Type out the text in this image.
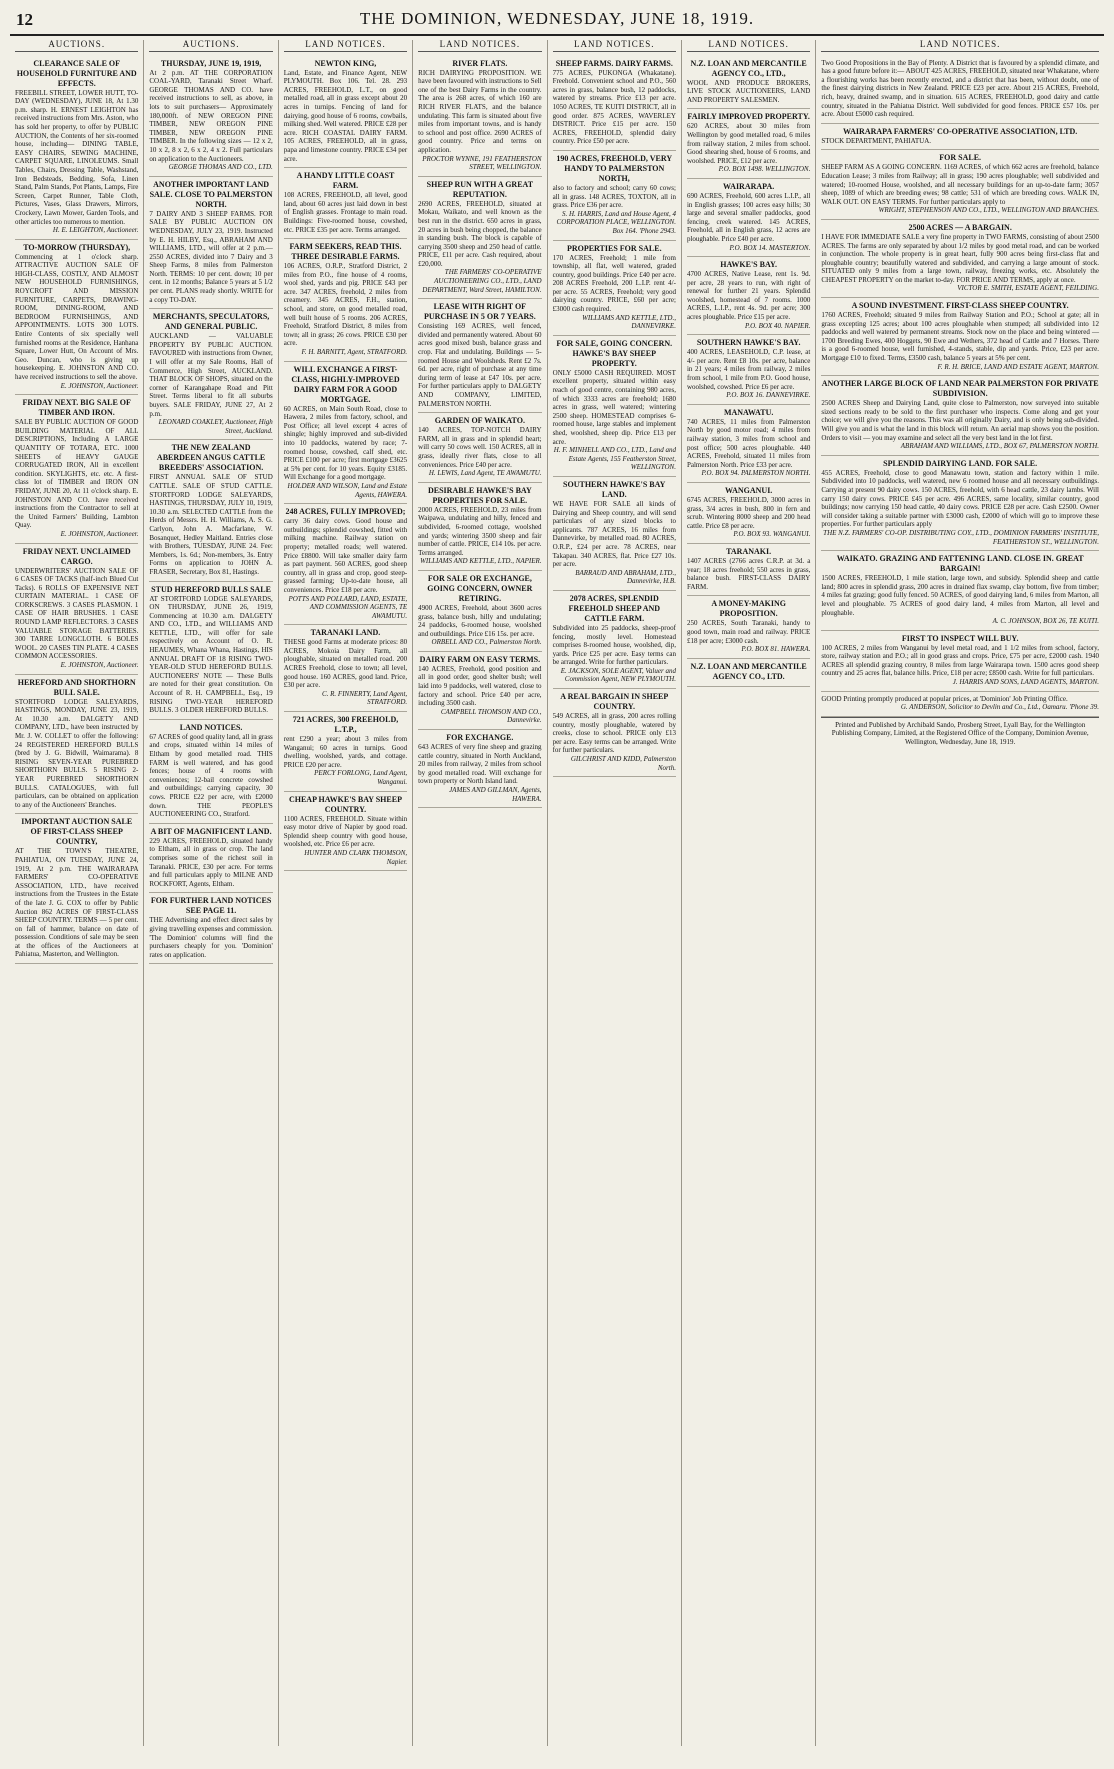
12	THE DOMINION, WEDNESDAY, JUNE 18, 1919.
AUCTIONS.
CLEARANCE SALE OF HOUSEHOLD FURNITURE AND EFFECTS.
FREEBILL STREET, LOWER HUTT, TO-DAY (WEDNESDAY), JUNE 18, At 1.30 p.m. sharp. H. ERNEST LEIGHTON has received instructions from Mrs. Aston, who has sold her property, to offer by PUBLIC AUCTION, the Contents of her six-roomed house, including— DINING TABLE, EASY CHAIRS, SEWING MACHINE, CARPET SQUARE, LINOLEUMS. Small Tables, Chairs, Dressing Table, Washstand, Iron Bedsteads, Bedding, Sofa, Linen Stand, Palm Stands, Pot Plants, Lamps, Fire Screen, Carpet Runner, Table Cloth, Pictures, Vases, Glass Drawers, Mirrors, Crockery, Lawn Mower, Garden Tools, and other articles too numerous to mention.
H. E. LEIGHTON, Auctioneer.
TO-MORROW (THURSDAY),
Commencing at 1 o'clock sharp. ATTRACTIVE AUCTION SALE OF HIGH-CLASS, COSTLY, AND ALMOST NEW HOUSEHOLD FURNISHINGS, ROYCROFT AND MISSION FURNITURE, CARPETS, DRAWING-ROOM, DINING-ROOM, AND BEDROOM FURNISHINGS, AND APPOINTMENTS. LOTS 300 LOTS. Entire Contents of six specially well furnished rooms at the Residence, Hanhana Square, Lower Hutt, On Account of Mrs. Geo. Duncan, who is giving up housekeeping. E. JOHNSTON AND CO. have received instructions to sell the above.
E. JOHNSTON, Auctioneer.
FRIDAY NEXT. BIG SALE OF TIMBER AND IRON.
SALE BY PUBLIC AUCTION OF GOOD BUILDING MATERIAL OF ALL DESCRIPTIONS, Including A LARGE QUANTITY OF TOTARA, ETC. 1000 SHEETS of HEAVY GAUGE CORRUGATED IRON, All in excellent condition. SKYLIGHTS, etc. etc. A first-class lot of TIMBER and IRON ON FRIDAY, JUNE 20, At 11 o'clock sharp. E. JOHNSTON AND CO. have received instructions from the Contractor to sell at the United Farmers' Building, Lambton Quay.
E. JOHNSTON, Auctioneer.
FRIDAY NEXT. UNCLAIMED CARGO.
UNDERWRITERS' AUCTION SALE OF 6 CASES OF TACKS (half-inch Blued Cut Tacks). 6 ROLLS OF EXPENSIVE NET CURTAIN MATERIAL. 1 CASE OF CORKSCREWS. 3 CASES PLASMON. 1 CASE OF HAIR BRUSHES. 1 CASE ROUND LAMP REFLECTORS. 3 CASES VALUABLE STORAGE BATTERIES. 300 TARRE LONGCLOTH. 6 BOLES WOOL. 20 CASES TIN PLATE. 4 CASES COMMON ACCESSORIES.
E. JOHNSTON, Auctioneer.
HEREFORD AND SHORTHORN BULL SALE.
STORTFORD LODGE SALEYARDS, HASTINGS, MONDAY, JUNE 23, 1919, At 10.30 a.m. DALGETY AND COMPANY, LTD., have been instructed by Mr. J. W. COLLET to offer the following: 24 REGISTERED HEREFORD BULLS (bred by J. G. Bidwill, Waimarama). 8 RISING SEVEN-YEAR PUREBRED SHORTHORN BULLS. 5 RISING 2-YEAR PUREBRED SHORTHORN BULLS. CATALOGUES, with full particulars, can be obtained on application to any of the Auctioneers' Branches.
IMPORTANT AUCTION SALE OF FIRST-CLASS SHEEP COUNTRY,
AT THE TOWN'S THEATRE, PAHIATUA, ON TUESDAY, JUNE 24, 1919, At 2 p.m. THE WAIRARAPA FARMERS' CO-OPERATIVE ASSOCIATION, LTD., have received instructions from the Trustees in the Estate of the late J. G. COX to offer by Public Auction 862 ACRES OF FIRST-CLASS SHEEP COUNTRY. TERMS — 5 per cent. on fall of hammer, balance on date of possession. Conditions of sale may be seen at the offices of the Auctioneers at Pahiatua, Masterton, and Wellington.
AUCTIONS.
THURSDAY, JUNE 19, 1919,
At 2 p.m. AT THE CORPORATION COAL-YARD, Taranaki Street Wharf. GEORGE THOMAS AND CO. have received instructions to sell, as above, in lots to suit purchasers— Approximately 180,000ft. of NEW OREGON PINE TIMBER, NEW OREGON PINE TIMBER, NEW OREGON PINE TIMBER. In the following sizes — 12 x 2, 10 x 2, 8 x 2, 6 x 2, 4 x 2. Full particulars on application to the Auctioneers.
GEORGE THOMAS AND CO., LTD.
ANOTHER IMPORTANT LAND SALE. CLOSE TO PALMERSTON NORTH.
7 DAIRY AND 3 SHEEP FARMS. FOR SALE BY PUBLIC AUCTION ON WEDNESDAY, JULY 23, 1919. Instructed by E. H. HILBY, Esq., ABRAHAM AND WILLIAMS, LTD., will offer at 2 p.m.— 2550 ACRES, divided into 7 Dairy and 3 Sheep Farms, 8 miles from Palmerston North. TERMS: 10 per cent. down; 10 per cent. in 12 months; Balance 5 years at 5 1/2 per cent. PLANS ready shortly. WRITE for a copy TO-DAY.
MERCHANTS, SPECULATORS, AND GENERAL PUBLIC.
AUCKLAND — VALUABLE PROPERTY BY PUBLIC AUCTION. FAVOURED with instructions from Owner, I will offer at my Sale Rooms, Hall of Commerce, High Street, AUCKLAND. THAT BLOCK OF SHOPS, situated on the corner of Karangahape Road and Pitt Street. Terms liberal to fit all suburbs buyers. SALE FRIDAY, JUNE 27, At 2 p.m.
LEONARD COAKLEY, Auctioneer, High Street, Auckland.
THE NEW ZEALAND ABERDEEN ANGUS CATTLE BREEDERS' ASSOCIATION.
FIRST ANNUAL SALE OF STUD CATTLE. SALE OF STUD CATTLE. STORTFORD LODGE SALEYARDS, HASTINGS, THURSDAY, JULY 10, 1919, 10.30 a.m. SELECTED CATTLE from the Herds of Messrs. H. H. Williams, A. S. G. Carlyon, John A. Macfarlane, W. Bosanquet, Hedley Maitland. Entries close with Brothers, TUESDAY, JUNE 24. Fee: Members, 1s. 6d.; Non-members, 3s. Entry Forms on application to JOHN A. FRASER, Secretary, Box 81, Hastings.
STUD HEREFORD BULLS SALE
AT STORTFORD LODGE SALEYARDS, ON THURSDAY, JUNE 26, 1919, Commencing at 10.30 a.m. DALGETY AND CO., LTD., and WILLIAMS AND KETTLE, LTD., will offer for sale respectively on Account of O. R. HEAUMES, Whana Whana, Hastings, HIS ANNUAL DRAFT OF 18 RISING TWO-YEAR-OLD STUD HEREFORD BULLS. AUCTIONEERS' NOTE — These Bulls are noted for their great constitution. On Account of R. H. CAMPBELL, Esq., 19 RISING TWO-YEAR HEREFORD BULLS. 3 OLDER HEREFORD BULLS.
LAND NOTICES.
67 ACRES of good quality land, all in grass and crops, situated within 14 miles of Eltham by good metalled road. THIS FARM is well watered, and has good fences; house of 4 rooms with conveniences; 12-bail concrete cowshed and outbuildings; carrying capacity, 30 cows. PRICE £22 per acre, with £2000 down. THE PEOPLE'S AUCTIONEERING CO., Stratford.
A BIT OF MAGNIFICENT LAND.
229 ACRES, FREEHOLD, situated handy to Eltham, all in grass or crop. The land comprises some of the richest soil in Taranaki. PRICE, £30 per acre. For terms and full particulars apply to MILNE AND ROCKFORT, Agents, Eltham.
FOR FURTHER LAND NOTICES SEE PAGE 11.
THE Advertising and effect direct sales by giving travelling expenses and commission. 'The Dominion' columns will find the purchasers cheaply for you. 'Dominion' rates on application.
LAND NOTICES.
NEWTON KING,
Land, Estate, and Finance Agent, NEW PLYMOUTH. Box 106. Tel. 28. 293 ACRES, FREEHOLD, L.T., on good metalled road, all in grass except about 20 acres in turnips. Fencing of land for dairying, good house of 6 rooms, cowbails, milking shed. Well watered. PRICE £28 per acre. RICH COASTAL DAIRY FARM. 105 ACRES, FREEHOLD, all in grass, papa and limestone country. PRICE £34 per acre.
A HANDY LITTLE COAST FARM.
108 ACRES, FREEHOLD, all level, good land, about 60 acres just laid down in best of English grasses. Frontage to main road. Buildings: Five-roomed house, cowshed, etc. PRICE £35 per acre. Terms arranged.
FARM SEEKERS, READ THIS. THREE DESIRABLE FARMS.
106 ACRES, O.R.P., Stratford District, 2 miles from P.O., fine house of 4 rooms, wool shed, yards and pig. PRICE £43 per acre. 347 ACRES, freehold, 2 miles from creamery. 345 ACRES, F.H., station, school, and store, on good metalled road, well built house of 5 rooms. 206 ACRES, Freehold, Stratford District, 8 miles from town; all in grass; 26 cows. PRICE £30 per acre.
F. H. BARNITT, Agent, STRATFORD.
WILL EXCHANGE A FIRST-CLASS, HIGHLY-IMPROVED DAIRY FARM FOR A GOOD MORTGAGE.
60 ACRES, on Main South Road, close to Hawera, 2 miles from factory, school, and Post Office; all level except 4 acres of shingle; highly improved and sub-divided into 10 paddocks, watered by race; 7-roomed house, cowshed, calf shed, etc. PRICE £100 per acre; first mortgage £3625 at 5% per cent. for 10 years. Equity £3185. Will Exchange for a good mortgage.
HOLDER AND WILSON, Land and Estate Agents, HAWERA.
248 ACRES, FULLY IMPROVED;
carry 36 dairy cows. Good house and outbuildings; splendid cowshed, fitted with milking machine. Railway station on property; metalled roads; well watered. Price £8800. Will take smaller dairy farm as part payment. 560 ACRES, good sheep country, all in grass and crop, good steep-grassed farming; Up-to-date house, all conveniences. Price £18 per acre.
POTTS AND POLLARD, LAND, ESTATE, AND COMMISSION AGENTS, TE AWAMUTU.
TARANAKI LAND.
THESE good Farms at moderate prices: 80 ACRES, Mokoia Dairy Farm, all ploughable, situated on metalled road. 200 ACRES Freehold, close to town; all level, good house. 160 ACRES, good land. Price, £30 per acre.
C. R. FINNERTY, Land Agent, STRATFORD.
721 ACRES, 300 FREEHOLD, L.T.P.,
rent £290 a year; about 3 miles from Wanganui; 60 acres in turnips. Good dwelling, woolshed, yards, and cottage. PRICE £20 per acre.
PERCY FORLONG, Land Agent, Wanganui.
CHEAP HAWKE'S BAY SHEEP COUNTRY.
1100 ACRES, FREEHOLD. Situate within easy motor drive of Napier by good road. Splendid sheep country with good house, woolshed, etc. Price £6 per acre.
HUNTER AND CLARK THOMSON, Napier.
LAND NOTICES.
RIVER FLATS.
RICH DAIRYING PROPOSITION. WE have been favoured with instructions to Sell one of the best Dairy Farms in the country. The area is 268 acres, of which 160 are RICH RIVER FLATS, and the balance undulating. This farm is situated about five miles from important towns, and is handy to school and post office. 2690 ACRES of good country. Price and terms on application.
PROCTOR WYNNE, 191 FEATHERSTON STREET, WELLINGTON.
SHEEP RUN WITH A GREAT REPUTATION.
2690 ACRES, FREEHOLD, situated at Mokau, Waikato, and well known as the best run in the district. 650 acres in grass, 20 acres in bush being chopped, the balance in standing bush. The block is capable of carrying 3500 sheep and 250 head of cattle. PRICE, £11 per acre. Cash required, about £20,000.
THE FARMERS' CO-OPERATIVE AUCTIONEERING CO., LTD., LAND DEPARTMENT, Ward Street, HAMILTON.
LEASE WITH RIGHT OF PURCHASE IN 5 OR 7 YEARS.
Consisting 169 ACRES, well fenced, divided and permanently watered. About 60 acres good mixed bush, balance grass and crop. Flat and undulating. Buildings — 5-roomed House and Woolsheds. Rent £2 7s. 6d. per acre, right of purchase at any time during term of lease at £47 10s. per acre. For further particulars apply to DALGETY AND COMPANY, LIMITED, PALMERSTON NORTH.
GARDEN OF WAIKATO.
140 ACRES, TOP-NOTCH DAIRY FARM, all in grass and in splendid heart; will carry 50 cows well. 150 ACRES, all in grass, ideally river flats, close to all conveniences. Price £40 per acre.
H. LEWIS, Land Agent, TE AWAMUTU.
DESIRABLE HAWKE'S BAY PROPERTIES FOR SALE.
2000 ACRES, FREEHOLD, 23 miles from Waipawa, undulating and hilly, fenced and subdivided, 6-roomed cottage, woolshed and yards; wintering 3500 sheep and fair number of cattle. PRICE, £14 10s. per acre. Terms arranged.
WILLIAMS AND KETTLE, LTD., NAPIER.
FOR SALE OR EXCHANGE, GOING CONCERN, OWNER RETIRING.
4900 ACRES, Freehold, about 3600 acres grass, balance bush, hilly and undulating; 24 paddocks, 6-roomed house, woolshed and outbuildings. Price £16 15s. per acre.
ORBELL AND CO., Palmerston North.
DAIRY FARM ON EASY TERMS.
140 ACRES, Freehold, good position and all in good order, good shelter bush; well laid into 9 paddocks, well watered, close to factory and school. Price £40 per acre, including 3500 cash.
CAMPBELL THOMSON AND CO., Dannevirke.
FOR EXCHANGE.
643 ACRES of very fine sheep and grazing cattle country, situated in North Auckland, 20 miles from railway, 2 miles from school by good metalled road. Will exchange for town property or North Island land.
JAMES AND GILLMAN, Agents, HAWERA.
LAND NOTICES.
SHEEP FARMS. DAIRY FARMS.
775 ACRES, PUKONGA (Whakatane). Freehold. Convenient school and P.O., 560 acres in grass, balance bush, 12 paddocks, watered by streams. Price £13 per acre. 1050 ACRES, TE KUITI DISTRICT, all in good order. 875 ACRES, WAVERLEY DISTRICT. Price £15 per acre. 150 ACRES, FREEHOLD, splendid dairy country. Price £50 per acre.
190 ACRES, FREEHOLD, VERY HANDY TO PALMERSTON NORTH,
also to factory and school; carry 60 cows; all in grass. 148 ACRES, TOXTON, all in grass. Price £36 per acre.
S. H. HARRIS, Land and House Agent, 4 CORPORATION PLACE, WELLINGTON. Box 164. 'Phone 2943.
PROPERTIES FOR SALE.
170 ACRES, Freehold; 1 mile from township, all flat, well watered, graded country, good buildings. Price £40 per acre. 208 ACRES Freehold, 200 L.I.P. rent 4/- per acre. 55 ACRES, Freehold; very good dairying country. PRICE, £60 per acre; £3000 cash required.
WILLIAMS AND KETTLE, LTD., DANNEVIRKE.
FOR SALE, GOING CONCERN. HAWKE'S BAY SHEEP PROPERTY.
ONLY £5000 CASH REQUIRED. MOST excellent property, situated within easy reach of good centre, containing 980 acres, of which 3333 acres are freehold; 1680 acres in grass, well watered; wintering 2500 sheep. HOMESTEAD comprises 6-roomed house, large stables and implement shed, woolshed, sheep dip. Price £13 per acre.
H. F. MINHELL AND CO., LTD., Land and Estate Agents, 155 Featherston Street, WELLINGTON.
SOUTHERN HAWKE'S BAY LAND.
WE HAVE FOR SALE all kinds of Dairying and Sheep country, and will send particulars of any sized blocks to applicants. 787 ACRES, 16 miles from Dannevirke, by metalled road. 80 ACRES, O.R.P., £24 per acre. 78 ACRES, near Takapau. 340 ACRES, flat. Price £27 10s. per acre.
BARRAUD AND ABRAHAM, LTD., Dannevirke, H.B.
2078 ACRES, SPLENDID FREEHOLD SHEEP AND CATTLE FARM.
Subdivided into 25 paddocks, sheep-proof fencing, mostly level. Homestead comprises 8-roomed house, woolshed, dip, yards. Price £25 per acre. Easy terms can be arranged. Write for further particulars.
E. JACKSON, SOLE AGENT, Valuer and Commission Agent, NEW PLYMOUTH.
A REAL BARGAIN IN SHEEP COUNTRY.
549 ACRES, all in grass, 200 acres rolling country, mostly ploughable, watered by creeks, close to school. PRICE only £13 per acre. Easy terms can be arranged. Write for further particulars.
GILCHRIST AND KIDD, Palmerston North.
LAND NOTICES.
N.Z. LOAN AND MERCANTILE AGENCY CO., LTD.,
WOOL AND PRODUCE BROKERS, LIVE STOCK AUCTIONEERS, LAND AND PROPERTY SALESMEN.
FAIRLY IMPROVED PROPERTY.
620 ACRES, about 30 miles from Wellington by good metalled road, 6 miles from railway station, 2 miles from school. Good shearing shed, house of 6 rooms, and woolshed. PRICE, £12 per acre.
P.O. BOX 1498. WELLINGTON.
WAIRARAPA.
690 ACRES, Freehold, 600 acres L.I.P., all in English grasses; 100 acres easy hills; 30 large and several smaller paddocks, good fencing, creek watered. 145 ACRES, Freehold, all in English grass, 12 acres are ploughable. Price £40 per acre.
P.O. BOX 14. MASTERTON.
HAWKE'S BAY.
4700 ACRES, Native Lease, rent 1s. 9d. per acre, 28 years to run, with right of renewal for further 21 years. Splendid woolshed, homestead of 7 rooms. 1000 ACRES, L.I.P., rent 4s. 9d. per acre; 300 acres ploughable. Price £15 per acre.
P.O. BOX 40. NAPIER.
SOUTHERN HAWKE'S BAY.
400 ACRES, LEASEHOLD, C.P. lease, at 4/- per acre. Rent £8 10s. per acre, balance in 21 years; 4 miles from railway, 2 miles from school, 1 mile from P.O. Good house, woolshed, cowshed. Price £6 per acre.
P.O. BOX 16. DANNEVIRKE.
MANAWATU.
740 ACRES, 11 miles from Palmerston North by good motor road; 4 miles from railway station, 3 miles from school and post office; 500 acres ploughable. 440 ACRES, Freehold, situated 11 miles from Palmerston North. Price £33 per acre.
P.O. BOX 94. PALMERSTON NORTH.
WANGANUI.
6745 ACRES, FREEHOLD, 3000 acres in grass, 3/4 acres in bush, 800 in fern and scrub. Wintering 8000 sheep and 200 head cattle. Price £8 per acre.
P.O. BOX 93. WANGANUI.
TARANAKI.
1407 ACRES (2766 acres C.R.P. at 3d. a year; 18 acres freehold; 550 acres in grass, balance bush. FIRST-CLASS DAIRY FARM.
A MONEY-MAKING PROPOSITION.
250 ACRES, South Taranaki, handy to good town, main road and railway. PRICE £18 per acre; £3000 cash.
P.O. BOX 81. HAWERA.
N.Z. LOAN AND MERCANTILE AGENCY CO., LTD.
LAND NOTICES.
Two Good Propositions in the Bay of Plenty. A District that is favoured by a splendid climate, and has a good future before it:— ABOUT 425 ACRES, FREEHOLD, situated near Whakatane, where a flourishing works has been recently erected, and a district that has been, without doubt, one of the finest dairying districts in New Zealand. PRICE £23 per acre. About 215 ACRES, Freehold, rich, heavy, drained swamp, and in situation. 615 ACRES, FREEHOLD, good dairy and cattle country, situated in the Pahiatua District. Well subdivided for good fences. PRICE £57 10s. per acre. About £5000 cash required.
WAIRARAPA FARMERS' CO-OPERATIVE ASSOCIATION, LTD.
STOCK DEPARTMENT, PAHIATUA.
FOR SALE.
SHEEP FARM AS A GOING CONCERN. 1169 ACRES, of which 662 acres are freehold, balance Education Lease; 3 miles from Railway; all in grass; 190 acres ploughable; well subdivided and watered; 10-roomed House, woolshed, and all necessary buildings for an up-to-date farm; 3057 sheep, 1089 of which are breeding ewes; 98 cattle; 531 of which are breeding cows. WALK IN, WALK OUT. ON EASY TERMS. For further particulars apply to
WRIGHT, STEPHENSON AND CO., LTD., WELLINGTON AND BRANCHES.
2500 ACRES — A BARGAIN.
I HAVE FOR IMMEDIATE SALE a very fine property in TWO FARMS, consisting of about 2500 ACRES. The farms are only separated by about 1/2 miles by good metal road, and can be worked in conjunction. The whole property is in great heart, fully 900 acres being first-class flat and ploughable country; beautifully watered and subdivided, and carrying a large amount of stock. SITUATED only 9 miles from a large town, railway, freezing works, etc. Absolutely the CHEAPEST PROPERTY on the market to-day. FOR PRICE AND TERMS, apply at once.
VICTOR E. SMITH, ESTATE AGENT, FEILDING.
A SOUND INVESTMENT. FIRST-CLASS SHEEP COUNTRY.
1760 ACRES, Freehold; situated 9 miles from Railway Station and P.O.; School at gate; all in grass excepting 125 acres; about 100 acres ploughable when stumped; all subdivided into 12 paddocks and well watered by permanent streams. Stock now on the place and being wintered — 1700 Breeding Ewes, 400 Hoggets, 90 Ewe and Wethers, 372 head of Cattle and 7 Horses. There is a good 6-roomed house, well furnished, 4-stands, stable, dip and yards. Price, £23 per acre. Mortgage £10 to fixed. Terms, £3500 cash, balance 5 years at 5% per cent.
F. R. H. BRICE, LAND AND ESTATE AGENT, MARTON.
ANOTHER LARGE BLOCK OF LAND NEAR PALMERSTON FOR PRIVATE SUBDIVISION.
2500 ACRES Sheep and Dairying Land, quite close to Palmerston, now surveyed into suitable sized sections ready to be sold to the first purchaser who inspects. Come along and get your choice; we will give you the reasons. This was all originally Dairy, and is only being sub-divided. Will give you and is what the land in this block will return. An aerial map shows you the position. Orders to visit — you may examine and select all the very best land in the lot first.
ABRAHAM AND WILLIAMS, LTD., BOX 67, PALMERSTON NORTH.
SPLENDID DAIRYING LAND. FOR SALE.
455 ACRES, Freehold, close to good Manawatu town, station and factory within 1 mile. Subdivided into 10 paddocks, well watered, new 6 roomed house and all necessary outbuildings. Carrying at present 90 dairy cows. 150 ACRES, freehold, with 6 head cattle, 23 dairy lambs. Will carry 150 dairy cows. PRICE £45 per acre. 496 ACRES, same locality, similar country, good buildings; now carrying 150 head cattle, 40 dairy cows. PRICE £28 per acre. Cash £2500. Owner will consider taking a suitable partner with £3000 cash, £2000 of which will go to improve these properties. For further particulars apply
THE N.Z. FARMERS' CO-OP. DISTRIBUTING COY., LTD., DOMINION FARMERS' INSTITUTE, FEATHERSTON ST., WELLINGTON.
WAIKATO. GRAZING AND FATTENING LAND. CLOSE IN. GREAT BARGAIN!
1500 ACRES, FREEHOLD, 1 mile station, large town, and subsidy. Splendid sheep and cattle land; 800 acres in splendid grass, 200 acres in drained flax swamp, clay bottom, five from timber; 4 miles fat grazing; good fully fenced. 50 ACRES, of good dairying land, 6 miles from Marton, all level and ploughable. 75 ACRES of good dairy land, 4 miles from Marton, all level and ploughable.
A. C. JOHNSON, BOX 26, TE KUITI.
FIRST TO INSPECT WILL BUY.
100 ACRES, 2 miles from Wanganui by level metal road, and 1 1/2 miles from school, factory, store, railway station and P.O.; all in good grass and crops. Price, £75 per acre, £2000 cash. 1940 ACRES all splendid grazing country, 8 miles from large Wairarapa town. 1500 acres good sheep country and 25 acres flat, balance hills. Price, £18 per acre; £8500 cash. Write for full particulars.
J. HARRIS AND SONS, LAND AGENTS, MARTON.
GOOD Printing promptly produced at popular prices, at 'Dominion' Job Printing Office.
G. ANDERSON, Solicitor to Devlin and Co., Ltd., Oamaru. 'Phone 39.
Printed and Published by Archibald Sando, Prosberg Street, Lyall Bay, for the Wellington Publishing Company, Limited, at the Registered Office of the Company, Dominion Avenue, Wellington, Wednesday, June 18, 1919.
